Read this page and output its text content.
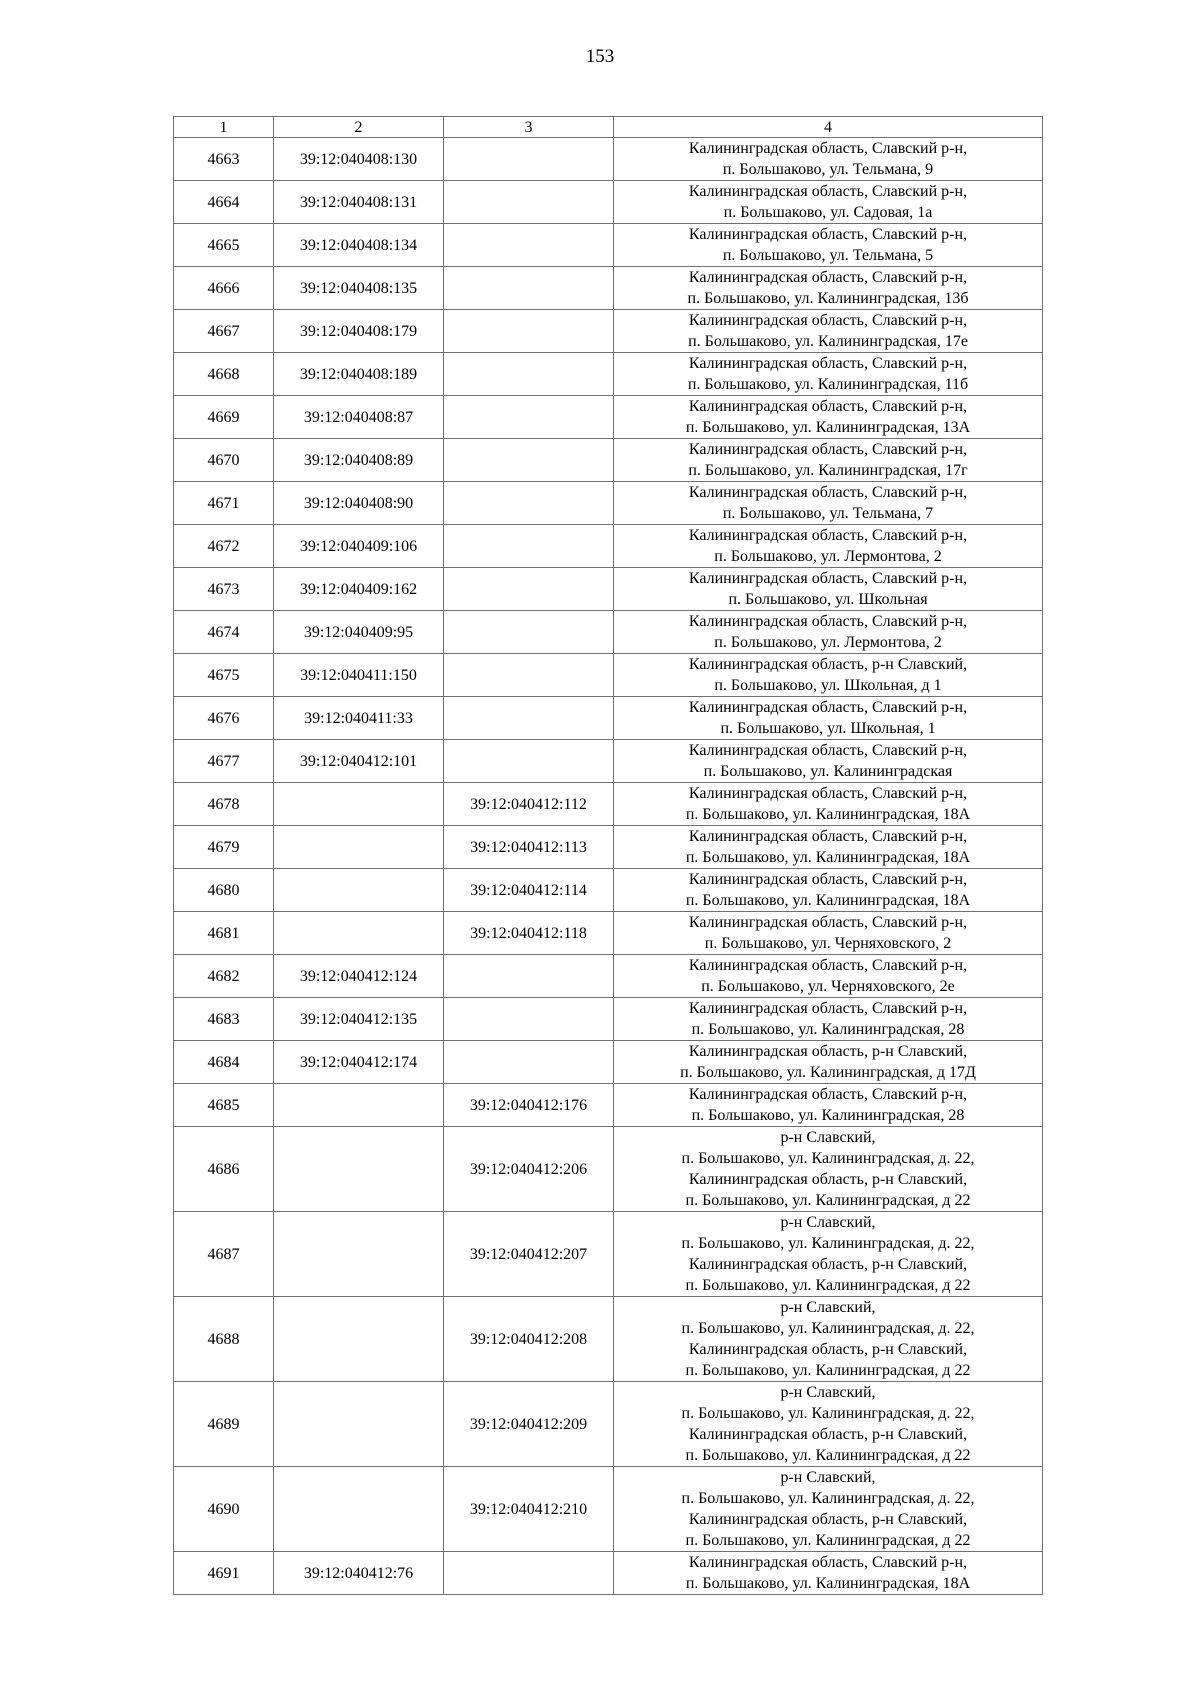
153
1	2	3	4
4663	39:12:040408:130		Калининградская область, Славский р-н,
п. Большаково, ул. Тельмана, 9

4664	39:12:040408:131		Калининградская область, Славский р-н,
п. Большаково, ул. Садовая, 1а

4665	39:12:040408:134		Калининградская область, Славский р-н,
п. Большаково, ул. Тельмана, 5

4666	39:12:040408:135		Калининградская область, Славский р-н,
п. Большаково, ул. Калининградская, 13б

4667	39:12:040408:179		Калининградская область, Славский р-н,
п. Большаково, ул. Калининградская, 17е

4668	39:12:040408:189		Калининградская область, Славский р-н,
п. Большаково, ул. Калининградская, 11б

4669	39:12:040408:87		Калининградская область, Славский р-н,
п. Большаково, ул. Калининградская, 13А

4670	39:12:040408:89		Калининградская область, Славский р-н,
п. Большаково, ул. Калининградская, 17г

4671	39:12:040408:90		Калининградская область, Славский р-н,
п. Большаково, ул. Тельмана, 7

4672	39:12:040409:106		Калининградская область, Славский р-н,
п. Большаково, ул. Лермонтова, 2

4673	39:12:040409:162		Калининградская область, Славский р-н,
п. Большаково, ул. Школьная

4674	39:12:040409:95		Калининградская область, Славский р-н,
п. Большаково, ул. Лермонтова, 2

4675	39:12:040411:150		Калининградская область, р-н Славский,
п. Большаково, ул. Школьная, д 1

4676	39:12:040411:33		Калининградская область, Славский р-н,
п. Большаково, ул. Школьная, 1

4677	39:12:040412:101		Калининградская область, Славский р-н,
п. Большаково, ул. Калининградская

4678		39:12:040412:112	Калининградская область, Славский р-н,
п. Большаково, ул. Калининградская, 18А

4679		39:12:040412:113	Калининградская область, Славский р-н,
п. Большаково, ул. Калининградская, 18А

4680		39:12:040412:114	Калининградская область, Славский р-н,
п. Большаково, ул. Калининградская, 18А

4681		39:12:040412:118	Калининградская область, Славский р-н,
п. Большаково, ул. Черняховского, 2

4682	39:12:040412:124		Калининградская область, Славский р-н,
п. Большаково, ул. Черняховского, 2е

4683	39:12:040412:135		Калининградская область, Славский р-н,
п. Большаково, ул. Калининградская, 28

4684	39:12:040412:174		Калининградская область, р-н Славский,
п. Большаково, ул. Калининградская, д 17Д

4685		39:12:040412:176	Калининградская область, Славский р-н,
п. Большаково, ул. Калининградская, 28

4686		39:12:040412:206	р-н Славский,
п. Большаково, ул. Калининградская, д. 22,
Калининградская область, р-н Славский,
п. Большаково, ул. Калининградская, д 22

4687		39:12:040412:207	р-н Славский,
п. Большаково, ул. Калининградская, д. 22,
Калининградская область, р-н Славский,
п. Большаково, ул. Калининградская, д 22

4688		39:12:040412:208	р-н Славский,
п. Большаково, ул. Калининградская, д. 22,
Калининградская область, р-н Славский,
п. Большаково, ул. Калининградская, д 22

4689		39:12:040412:209	р-н Славский,
п. Большаково, ул. Калининградская, д. 22,
Калининградская область, р-н Славский,
п. Большаково, ул. Калининградская, д 22

4690		39:12:040412:210	р-н Славский,
п. Большаково, ул. Калининградская, д. 22,
Калининградская область, р-н Славский,
п. Большаково, ул. Калининградская, д 22

4691	39:12:040412:76		Калининградская область, Славский р-н,
п. Большаково, ул. Калининградская, 18А
